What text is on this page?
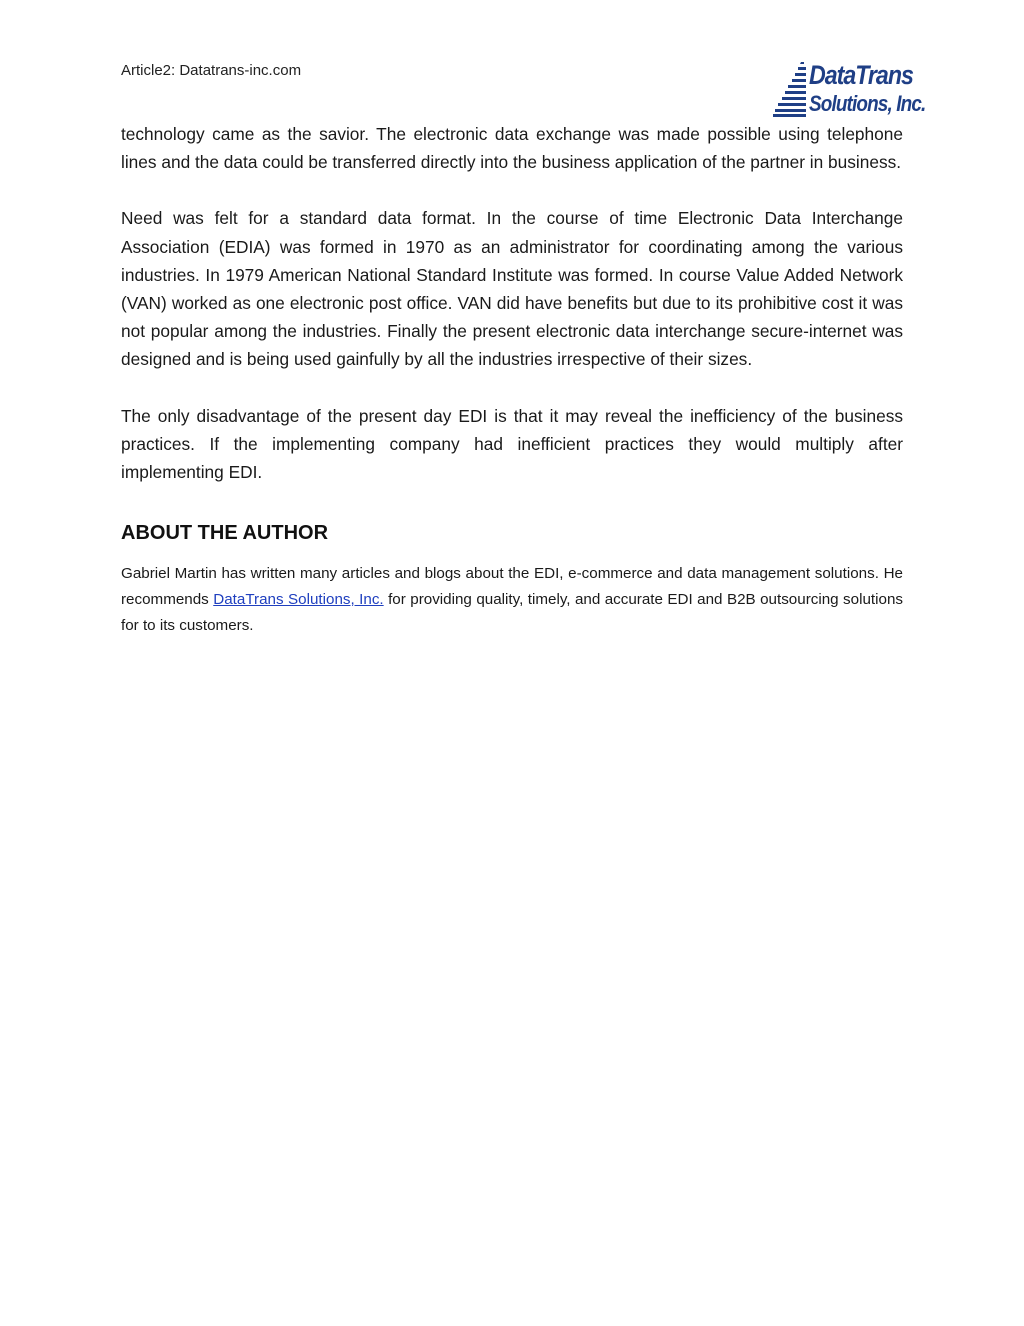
Article2: Datatrans-inc.com	DataTrans
Solutions, Inc.

technology came as the savior. The electronic data exchange was made possible using telephone lines and the data could be transferred directly into the business application of the partner in business.

Need was felt for a standard data format. In the course of time Electronic Data Interchange Association (EDIA) was formed in 1970 as an administrator for coordinating among the various industries. In 1979 American National Standard Institute was formed. In course Value Added Network (VAN) worked as one electronic post office. VAN did have benefits but due to its prohibitive cost it was not popular among the industries. Finally the present electronic data interchange secure-internet was designed and is being used gainfully by all the industries irrespective of their sizes.

The only disadvantage of the present day EDI is that it may reveal the inefficiency of the business practices. If the implementing company had inefficient practices they would multiply after implementing EDI.

ABOUT THE AUTHOR

Gabriel Martin has written many articles and blogs about the EDI, e-commerce and data management solutions. He recommends DataTrans Solutions, Inc. for providing quality, timely, and accurate EDI and B2B outsourcing solutions for to its customers.
